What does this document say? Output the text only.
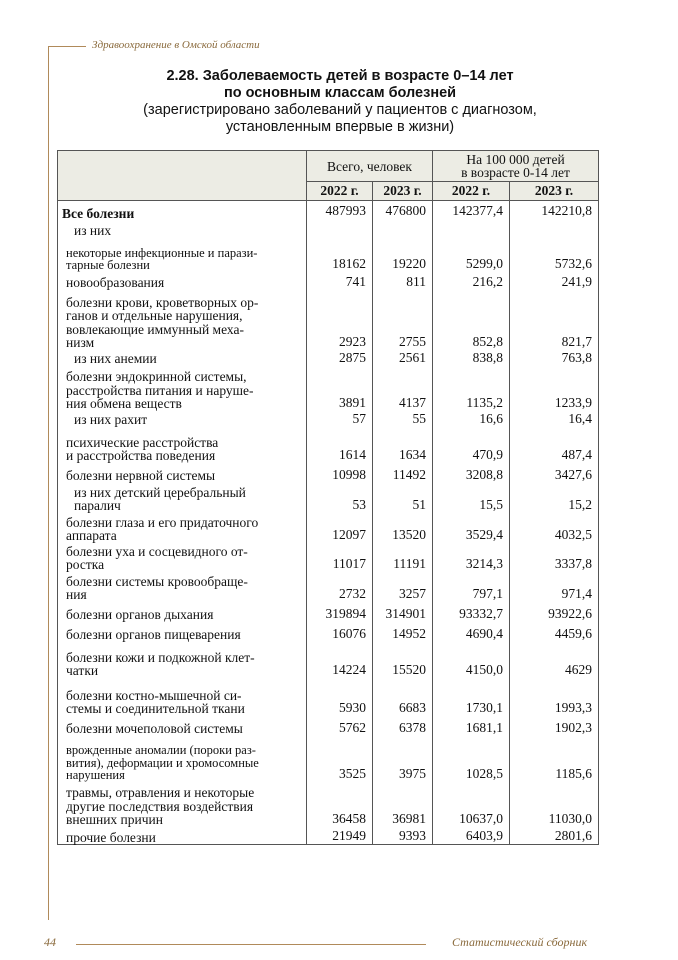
Здравоохранение в Омской области
2.28. Заболеваемость детей в возрасте 0–14 лет
по основным классам болезней
(зарегистрировано заболеваний у пациентов с диагнозом,
установленным впервые в жизни)
	Всего, человек		На 100 000 детей
в возрасте 0-14 лет	

	2022 г.	2023 г.	2022 г.	2023 г.
Все болезни	487993	476800	142377,4	142210,8
из них				
некоторые инфекционные и парази-
тарные болезни	18162	19220	5299,0	5732,6
новообразования	741	811	216,2	241,9
болезни крови, кроветворных ор-
ганов и отдельные нарушения,
вовлекающие иммунный меха-
низм	2923	2755	852,8	821,7
из них анемии	2875	2561	838,8	763,8
болезни эндокринной системы,
расстройства питания и наруше-
ния обмена веществ	3891	4137	1135,2	1233,9
из них рахит	57	55	16,6	16,4
психические расстройства
и расстройства поведения	1614	1634	470,9	487,4
болезни нервной системы	10998	11492	3208,8	3427,6
из них детский церебральный
паралич	53	51	15,5	15,2
болезни глаза и его придаточного
аппарата	12097	13520	3529,4	4032,5
болезни уха и сосцевидного от-
ростка	11017	11191	3214,3	3337,8
болезни системы кровообраще-
ния	2732	3257	797,1	971,4
болезни органов дыхания	319894	314901	93332,7	93922,6
болезни органов пищеварения	16076	14952	4690,4	4459,6
болезни кожи и подкожной клет-
чатки	14224	15520	4150,0	4629
болезни костно-мышечной си-
стемы и соединительной ткани	5930	6683	1730,1	1993,3
болезни мочеполовой системы	5762	6378	1681,1	1902,3
врожденные аномалии (пороки раз-
вития), деформации и хромосомные
нарушения	3525	3975	1028,5	1185,6
травмы, отравления и некоторые
другие последствия воздействия
внешних причин	36458	36981	10637,0	11030,0
прочие болезни	21949	9393	6403,9	2801,6
44	Статистический сборник
